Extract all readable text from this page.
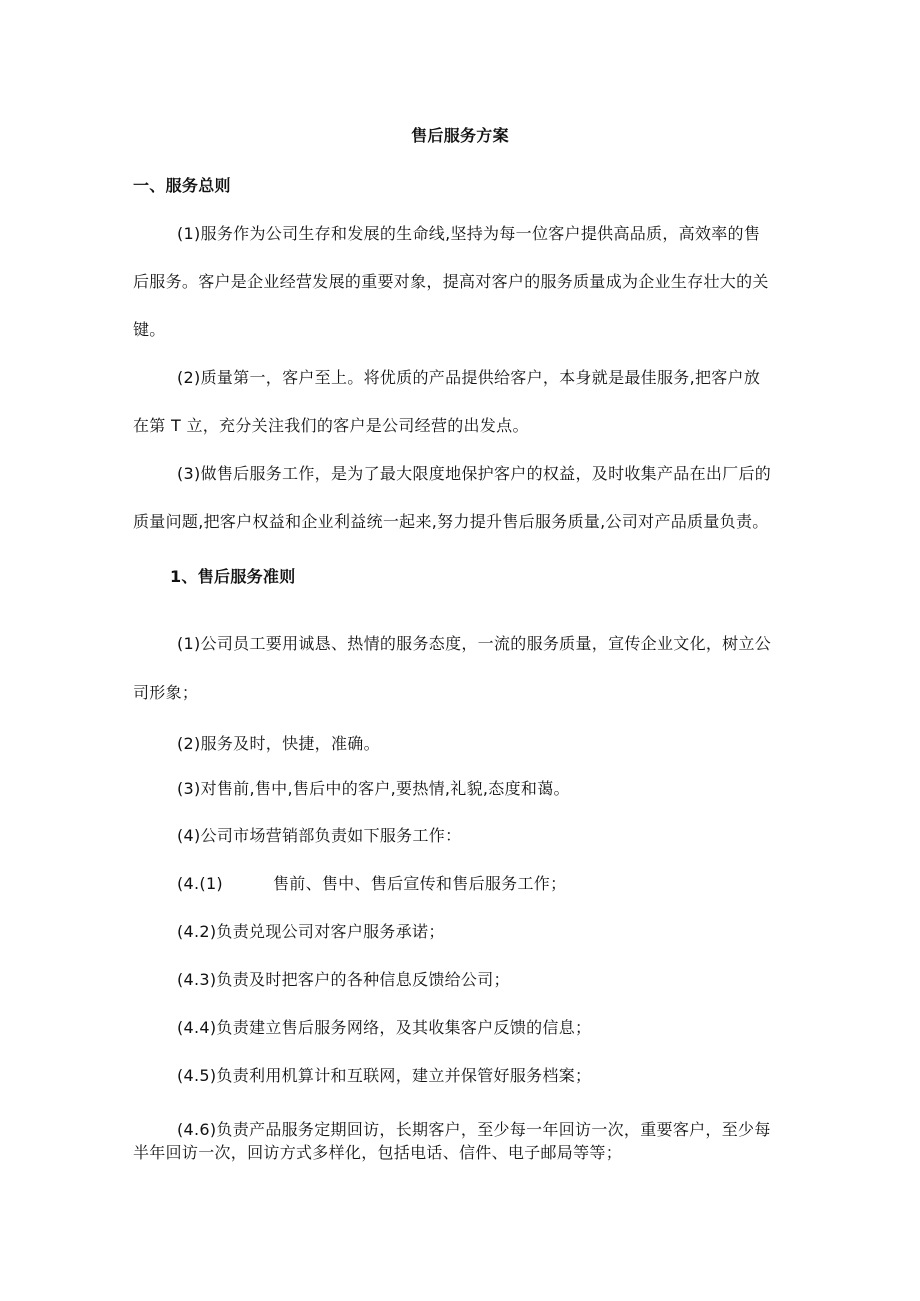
售后服务方案
一、服务总则
(1)服务作为公司生存和发展的生命线,坚持为每一位客户提供高品质，高效率的售
后服务。客户是企业经营发展的重要对象，提高对客户的服务质量成为企业生存壮大的关
键。
(2)质量第一，客户至上。将优质的产品提供给客户，本身就是最佳服务,把客户放
在第 T 立，充分关注我们的客户是公司经营的出发点。
(3)做售后服务工作，是为了最大限度地保护客户的权益，及时收集产品在出厂后的
质量问题,把客户权益和企业利益统一起来,努力提升售后服务质量,公司对产品质量负责。
1、售后服务准则
(1)公司员工要用诚恳、热情的服务态度，一流的服务质量，宣传企业文化，树立公
司形象；
(2)服务及时，快捷，准确。
(3)对售前,售中,售后中的客户,要热情,礼貌,态度和蔼。
(4)公司市场营销部负责如下服务工作：
(4.(1)	售前、售中、售后宣传和售后服务工作；
(4.2)负责兑现公司对客户服务承诺；
(4.3)负责及时把客户的各种信息反馈给公司；
(4.4)负责建立售后服务网络，及其收集客户反馈的信息；
(4.5)负责利用机算计和互联网，建立并保管好服务档案；
(4.6)负责产品服务定期回访，长期客户，至少每一年回访一次，重要客户，至少每
半年回访一次，回访方式多样化，包括电话、信件、电子邮局等等；
